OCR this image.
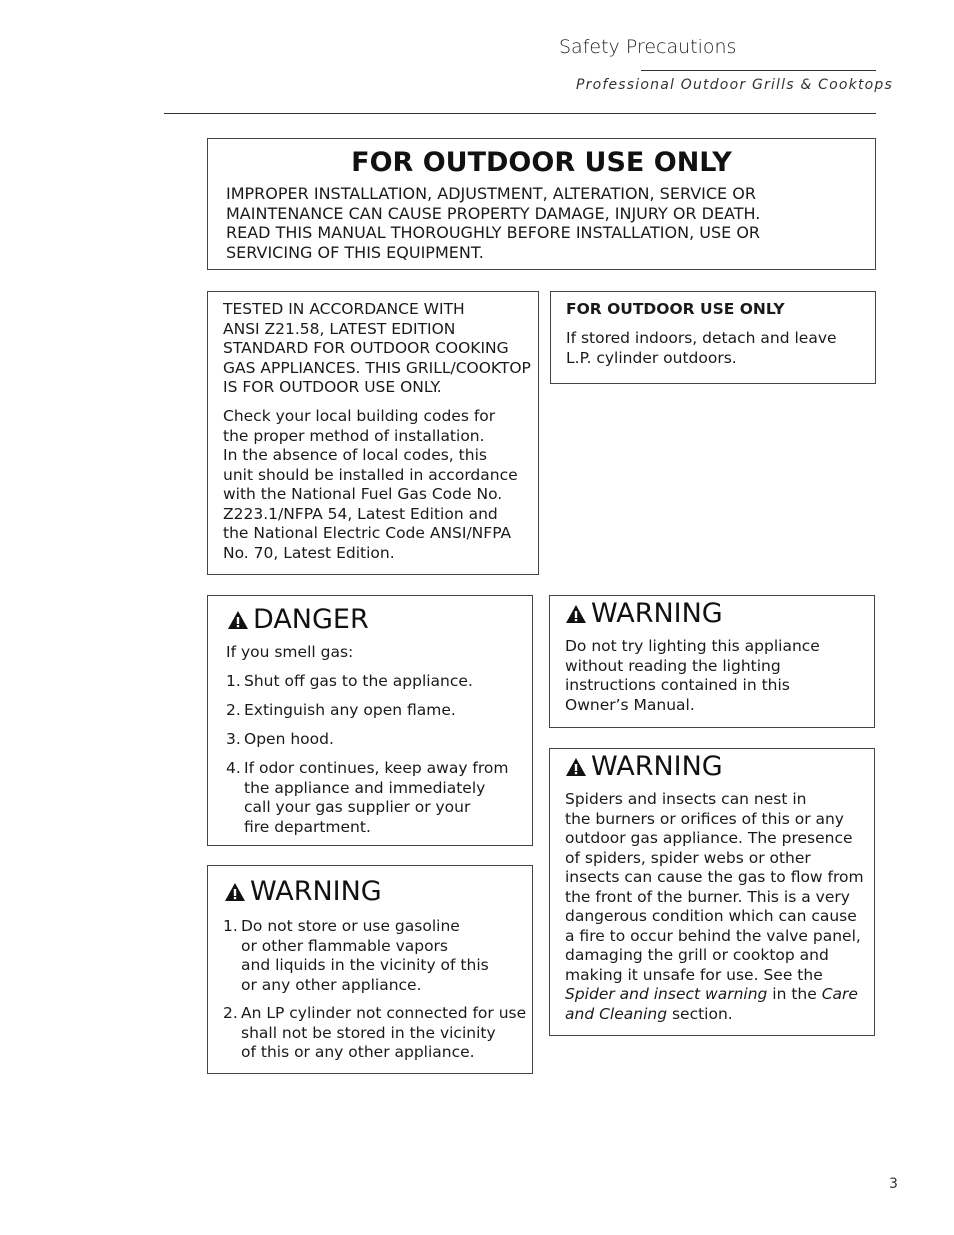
Safety Precautions
Professional Outdoor Grills & Cooktops
FOR OUTDOOR USE ONLY
IMPROPER INSTALLATION, ADJUSTMENT, ALTERATION, SERVICE OR
MAINTENANCE CAN CAUSE PROPERTY DAMAGE, INJURY OR DEATH.
READ THIS MANUAL THOROUGHLY BEFORE INSTALLATION, USE OR
SERVICING OF THIS EQUIPMENT.
TESTED IN ACCORDANCE WITH
ANSI Z21.58, LATEST EDITION
STANDARD FOR OUTDOOR COOKING
GAS APPLIANCES. THIS GRILL/COOKTOP
IS FOR OUTDOOR USE ONLY.
Check your local building codes for
the proper method of installation.
In the absence of local codes, this
unit should be installed in accordance
with the National Fuel Gas Code No.
Z223.1/NFPA 54, Latest Edition and
the National Electric Code ANSI/NFPA
No. 70, Latest Edition.
FOR OUTDOOR USE ONLY
If stored indoors, detach and leave
L.P. cylinder outdoors.
DANGER
If you smell gas:
1. Shut off gas to the appliance.
2. Extinguish any open flame.
3. Open hood.
4. If odor continues, keep away from
the appliance and immediately
call your gas supplier or your
fire department.
WARNING
1. Do not store or use gasoline
or other flammable vapors
and liquids in the vicinity of this
or any other appliance.
2. An LP cylinder not connected for use
shall not be stored in the vicinity
of this or any other appliance.
WARNING
Do not try lighting this appliance
without reading the lighting
instructions contained in this
Owner’s Manual.
WARNING
Spiders and insects can nest in
the burners or orifices of this or any
outdoor gas appliance. The presence
of spiders, spider webs or other
insects can cause the gas to flow from
the front of the burner. This is a very
dangerous condition which can cause
a fire to occur behind the valve panel,
damaging the grill or cooktop and
making it unsafe for use. See the
Spider and insect warning in the Care
and Cleaning section.
3
